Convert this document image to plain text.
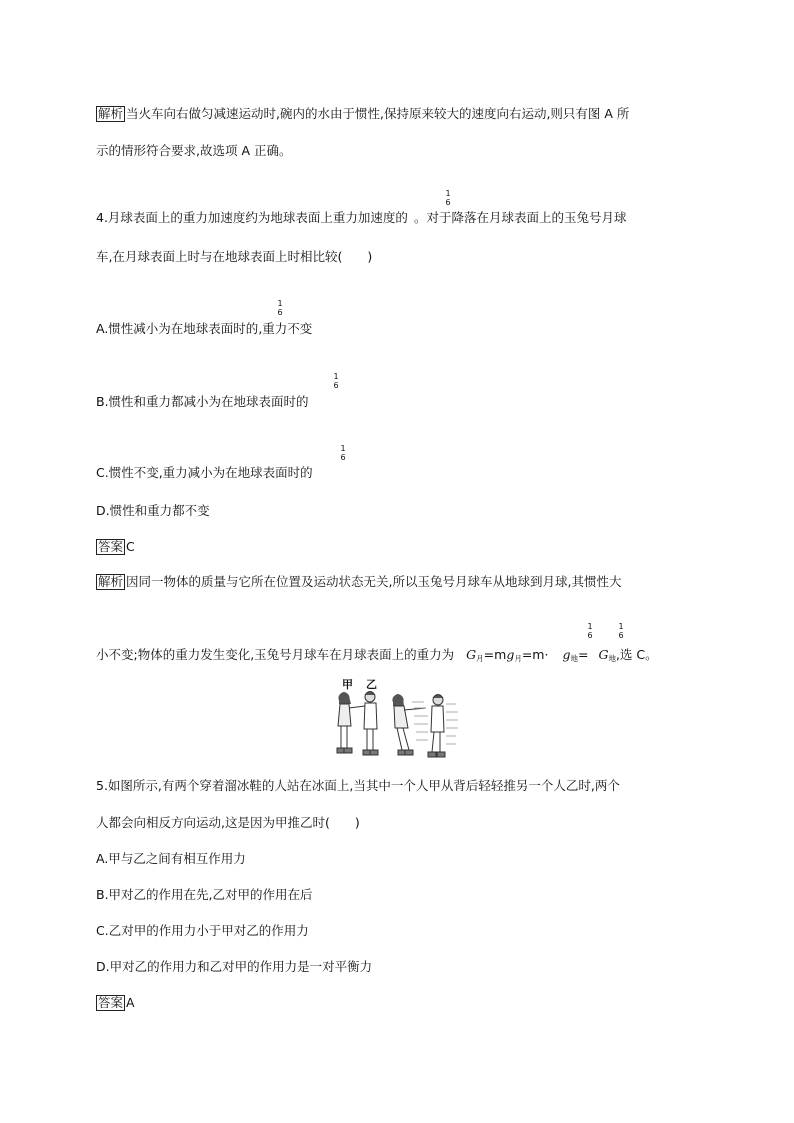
解析 当火车向右做匀减速运动时,碗内的水由于惯性,保持原来较大的速度向右运动,则只有图 A 所
示的情形符合要求,故选项 A 正确。
1
6
4.月球表面上的重力加速度约为地球表面上重力加速度的 。对于降落在月球表面上的玉兔号月球
车,在月球表面上时与在地球表面上时相比较(　　)
1
6
A.惯性减小为在地球表面时的,重力不变
1
6
B.惯性和重力都减小为在地球表面时的
1
6
C.惯性不变,重力减小为在地球表面时的
D.惯性和重力都不变
答案 C
解析 因同一物体的质量与它所在位置及运动状态无关,所以玉兔号月球车从地球到月球,其惯性大
1
6
1
6
小不变;物体的重力发生变化,玉兔号月球车在月球表面上的重力为 G月=mg月=m· g地= G地,选 C。
甲 乙
5.如图所示,有两个穿着溜冰鞋的人站在冰面上,当其中一个人甲从背后轻轻推另一个人乙时,两个
人都会向相反方向运动,这是因为甲推乙时(　　)
A.甲与乙之间有相互作用力
B.甲对乙的作用在先,乙对甲的作用在后
C.乙对甲的作用力小于甲对乙的作用力
D.甲对乙的作用力和乙对甲的作用力是一对平衡力
答案 A
